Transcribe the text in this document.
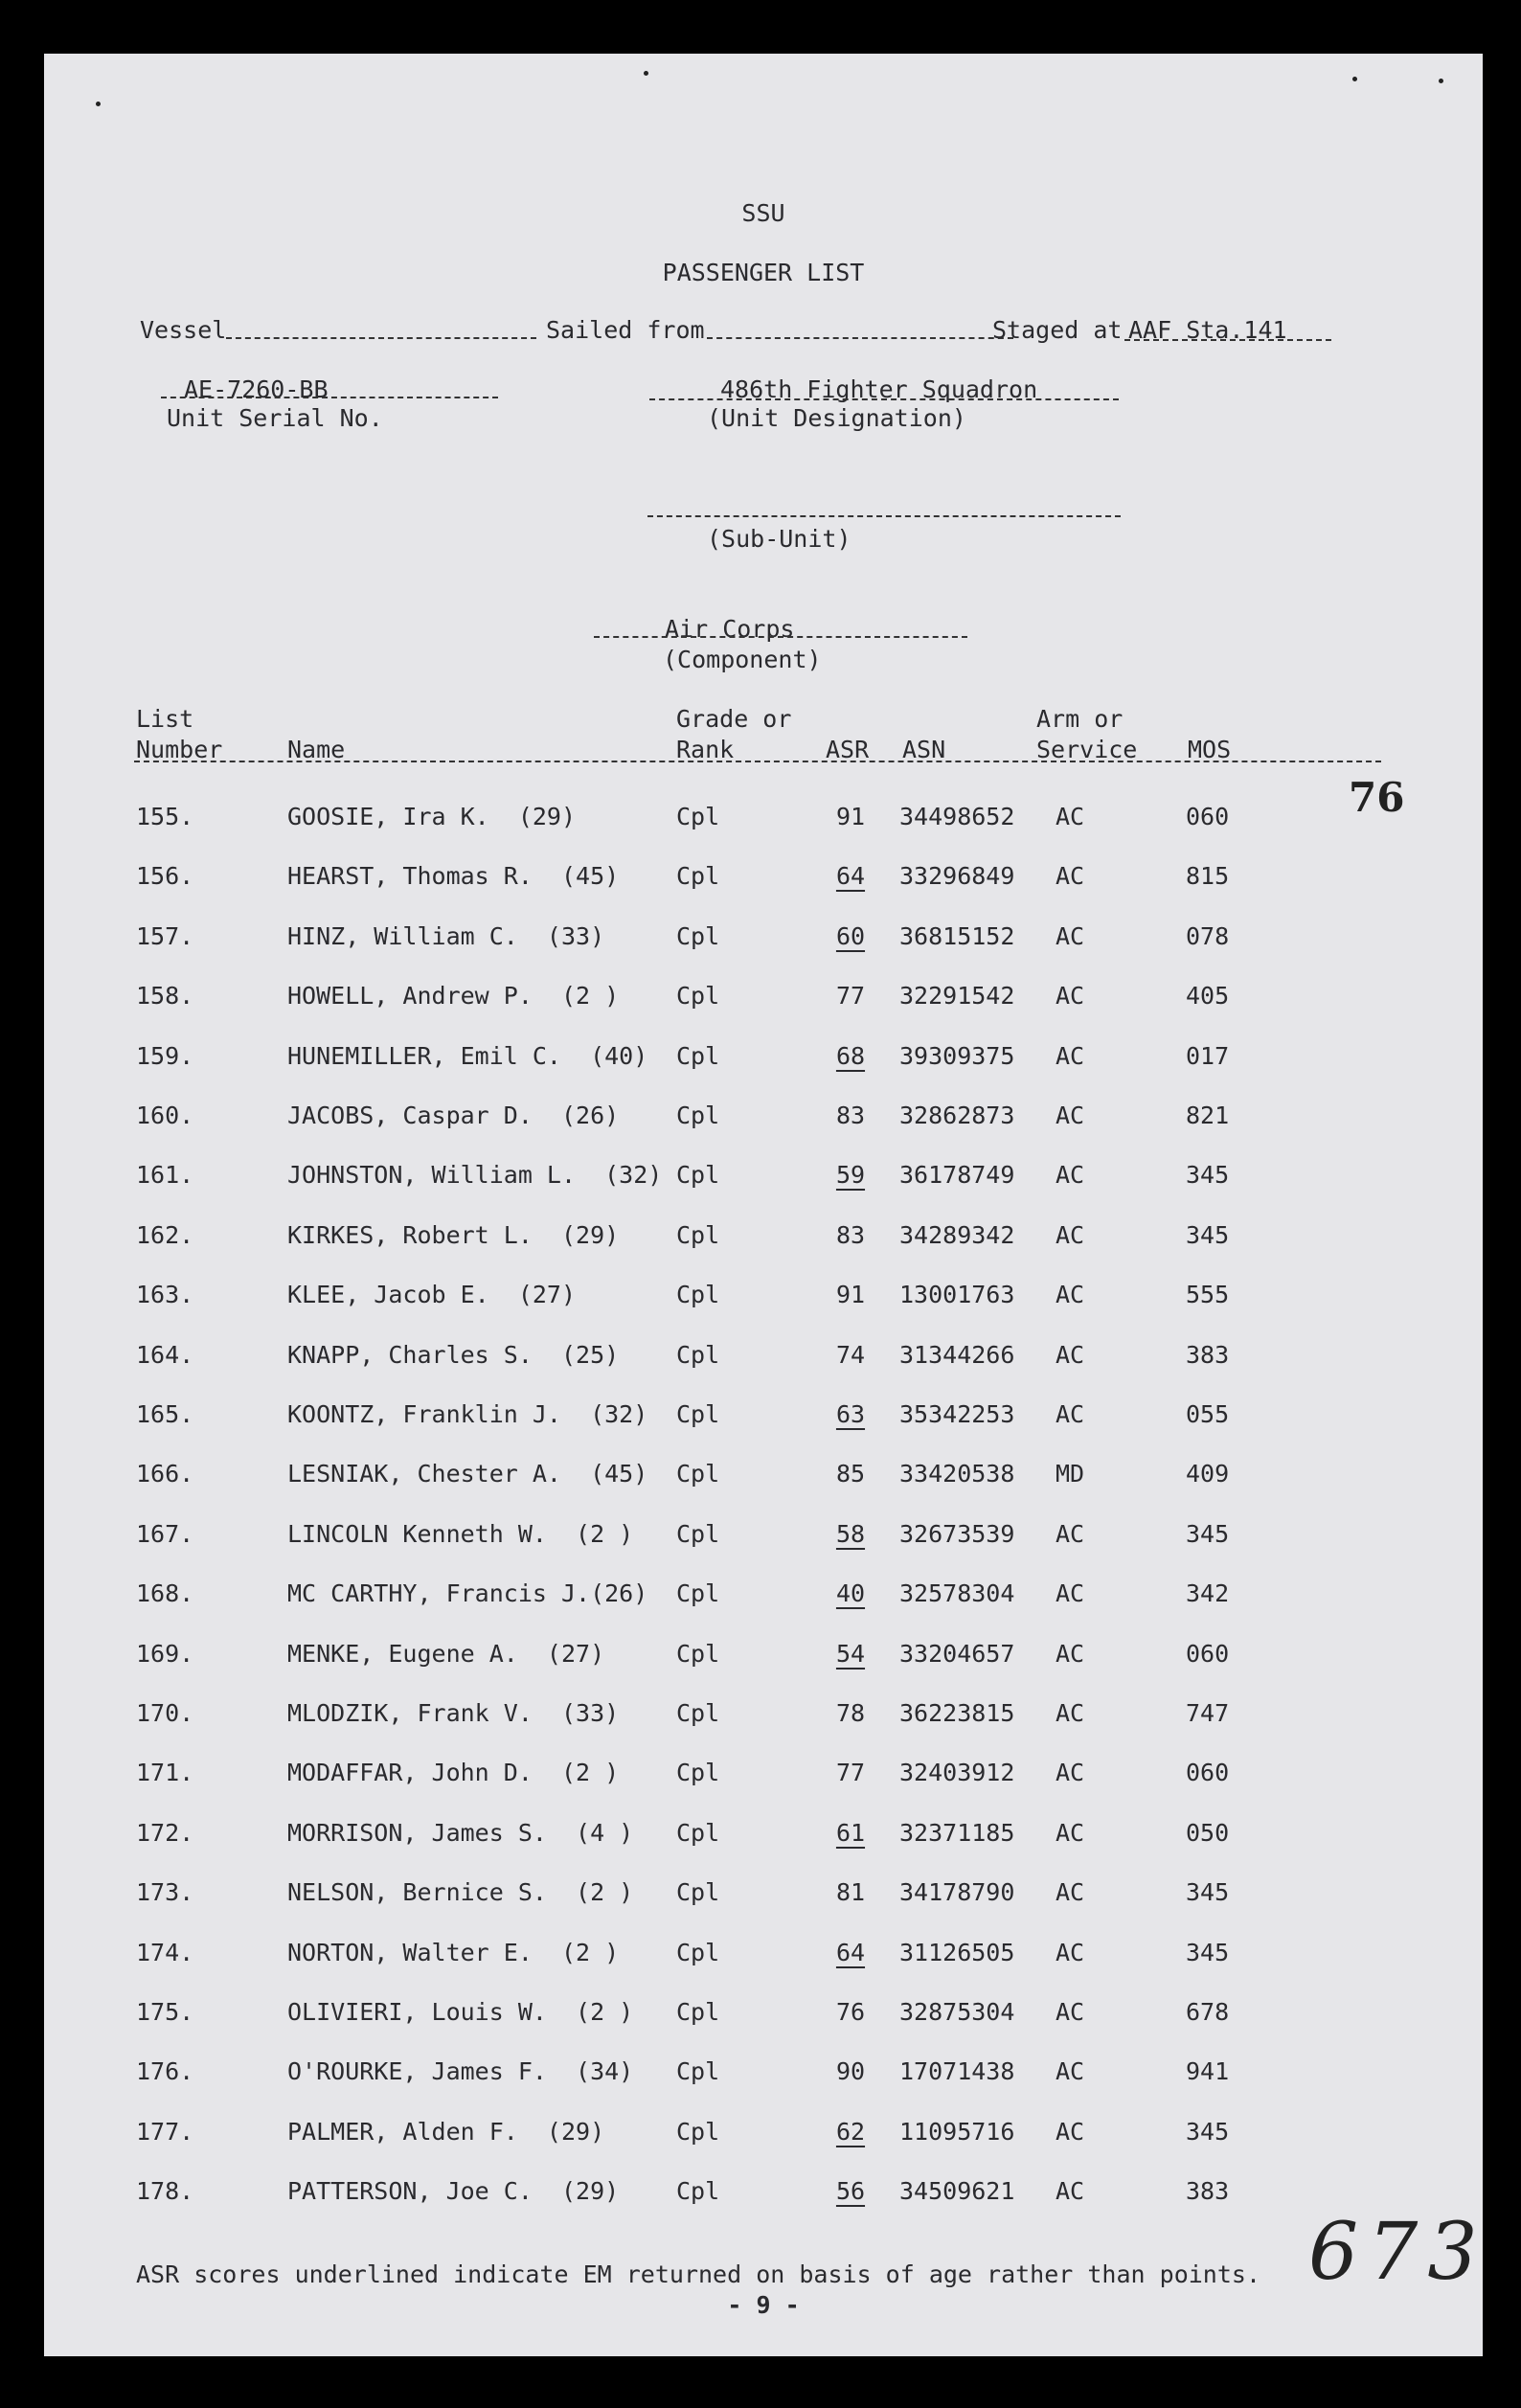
SSU
PASSENGER LIST
Vessel	Sailed from	Staged at AAF Sta.141
AE-7260-BB
Unit Serial No.
486th Fighter Squadron
(Unit Designation)
(Sub-Unit)
Air Corps
(Component)
List
Number	Name
Grade or
Rank	ASR ASN
Arm or
Service MOS
76
673
155.	GOOSIE, Ira K.  (29)	Cpl	91	34498652 AC	060
156.	HEARST, Thomas R.  (45) Cpl	64	33296849 AC	815
157.	HINZ, William C.  (33)	Cpl	60	36815152 AC	078
158.	HOWELL, Andrew P.  (2 ) Cpl	77	32291542 AC	405
159.	HUNEMILLER, Emil C.  (40) Cpl	68	39309375 AC	017
160.	JACOBS, Caspar D.  (26) Cpl	83	32862873 AC	821
161.	JOHNSTON, William L.  (32) Cpl	59	36178749 AC	345
162.	KIRKES, Robert L.  (29) Cpl	83	34289342 AC	345
163.	KLEE, Jacob E.  (27)	Cpl	91	13001763 AC	555
164.	KNAPP, Charles S.  (25) Cpl	74	31344266 AC	383
165.	KOONTZ, Franklin J.  (32) Cpl	63	35342253 AC	055
166.	LESNIAK, Chester A.  (45) Cpl	85	33420538 MD	409
167.	LINCOLN Kenneth W.  (2 ) Cpl	58	32673539 AC	345
168.	MC CARTHY, Francis J.(26) Cpl	40	32578304 AC	342
169.	MENKE, Eugene A.  (27)	Cpl	54	33204657 AC	060
170.	MLODZIK, Frank V.  (33) Cpl	78	36223815 AC	747
171.	MODAFFAR, John D.  (2 ) Cpl	77	32403912 AC	060
172.	MORRISON, James S.  (4 ) Cpl	61	32371185 AC	050
173.	NELSON, Bernice S.  (2 ) Cpl	81	34178790 AC	345
174.	NORTON, Walter E.  (2 ) Cpl	64	31126505 AC	345
175.	OLIVIERI, Louis W.  (2 ) Cpl	76	32875304 AC	678
176.	O'ROURKE, James F.  (34) Cpl	90	17071438 AC	941
177.	PALMER, Alden F.  (29)	Cpl	62	11095716 AC	345
178.	PATTERSON, Joe C.  (29) Cpl	56	34509621 AC	383
ASR scores underlined indicate EM returned on basis of age rather than points.
- 9 -
